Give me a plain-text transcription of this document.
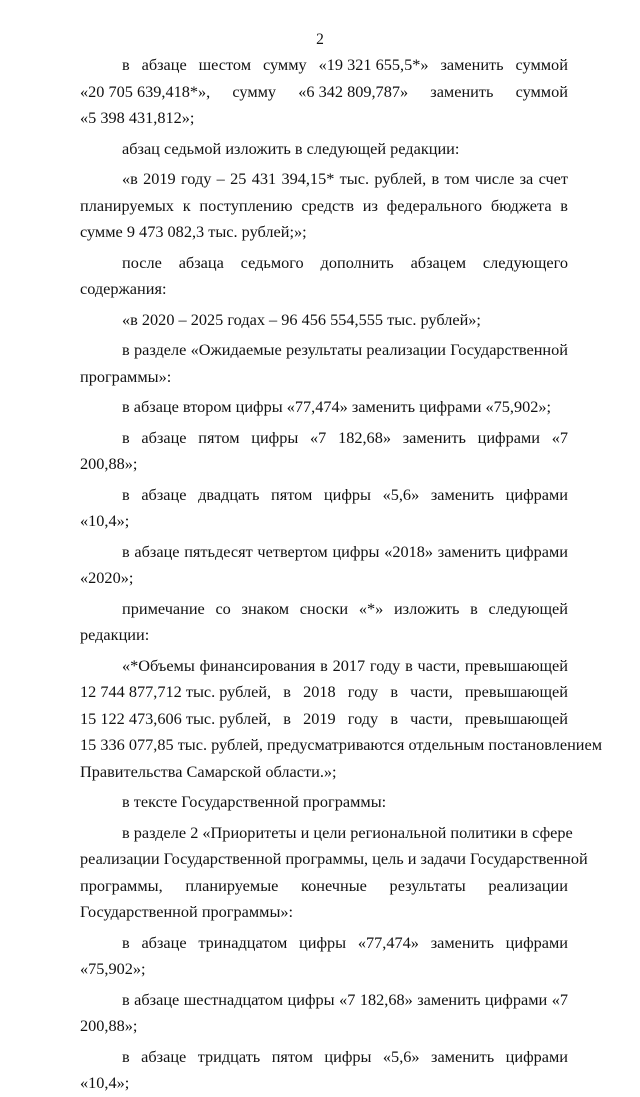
2
в абзаце шестом сумму «19 321 655,5*» заменить суммой
«20 705 639,418*», сумму «6 342 809,787» заменить суммой
«5 398 431,812»;

абзац седьмой изложить в следующей редакции:

«в 2019 году – 25 431 394,15* тыс. рублей, в том числе за счет планируемых к поступлению средств из федерального бюджета в сумме 9 473 082,3 тыс. рублей;»;

после абзаца седьмого дополнить абзацем следующего содержания:

«в 2020 – 2025 годах – 96 456 554,555 тыс. рублей»;

в разделе «Ожидаемые результаты реализации Государственной программы»:

в абзаце втором цифры «77,474» заменить цифрами «75,902»;

в абзаце пятом цифры «7 182,68» заменить цифрами «7 200,88»;

в абзаце двадцать пятом цифры «5,6» заменить цифрами «10,4»;

в абзаце пятьдесят четвертом цифры «2018» заменить цифрами «2020»;

примечание со знаком сноски «*» изложить в следующей редакции:

«*Объемы финансирования в 2017 году в части, превышающей
12 744 877,712 тыс. рублей, в 2018 году в части, превышающей
15 122 473,606 тыс. рублей, в 2019 году в части, превышающей
15 336 077,85 тыс. рублей, предусматриваются отдельным постановлением
Правительства Самарской области.»;

в тексте Государственной программы:

в разделе 2 «Приоритеты и цели региональной политики в сфере
реализации Государственной программы, цель и задачи Государственной
программы, планируемые конечные результаты реализации
Государственной программы»:

в абзаце тринадцатом цифры «77,474» заменить цифрами «75,902»;

в абзаце шестнадцатом цифры «7 182,68» заменить цифрами «7 200,88»;

в абзаце тридцать пятом цифры «5,6» заменить цифрами «10,4»;
